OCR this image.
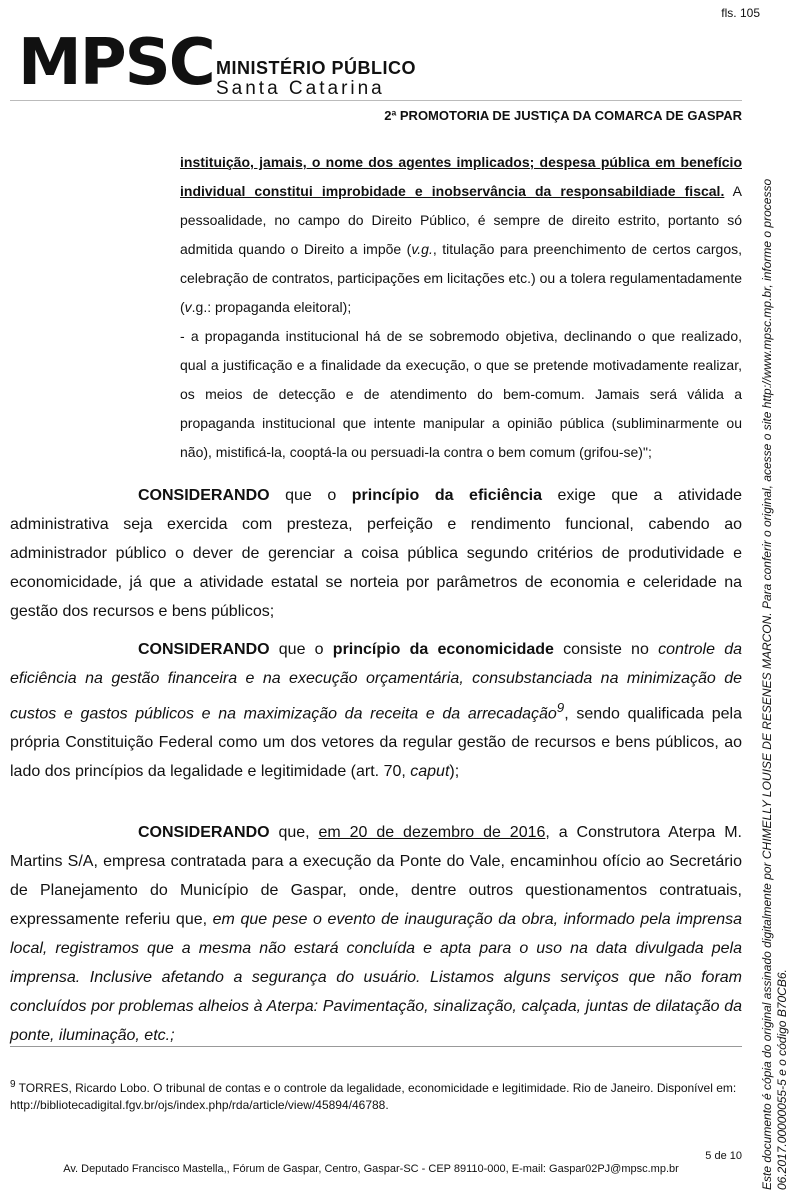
fls. 105
MPSC MINISTÉRIO PÚBLICO
Santa Catarina
2ª PROMOTORIA DE JUSTIÇA DA COMARCA DE GASPAR

instituição, jamais, o nome dos agentes implicados; despesa pública em benefício individual constitui improbidade e inobservância da responsabildiade fiscal. A pessoalidade, no campo do Direito Público, é sempre de direito estrito, portanto só admitida quando o Direito a impõe (v.g., titulação para preenchimento de certos cargos, celebração de contratos, participações em licitações etc.) ou a tolera regulamentadamente (v.g.: propaganda eleitoral);

- a propaganda institucional há de se sobremodo objetiva, declinando o que realizado, qual a justificação e a finalidade da execução, o que se pretende motivadamente realizar, os meios de detecção e de atendimento do bem-comum. Jamais será válida a propaganda institucional que intente manipular a opinião pública (subliminarmente ou não), mistificá-la, cooptá-la ou persuadi-la contra o bem comum (grifou-se)";

CONSIDERANDO que o princípio da eficiência exige que a atividade administrativa seja exercida com presteza, perfeição e rendimento funcional, cabendo ao administrador público o dever de gerenciar a coisa pública segundo critérios de produtividade e economicidade, já que a atividade estatal se norteia por parâmetros de economia e celeridade na gestão dos recursos e bens públicos;

CONSIDERANDO que o princípio da economicidade consiste no controle da eficiência na gestão financeira e na execução orçamentária, consubstanciada na minimização de custos e gastos públicos e na maximização da receita e da arrecadação$^9$, sendo qualificada pela própria Constituição Federal como um dos vetores da regular gestão de recursos e bens públicos, ao lado dos princípios da legalidade e legitimidade (art. 70, caput);

CONSIDERANDO que, em 20 de dezembro de 2016, a Construtora Aterpa M. Martins S/A, empresa contratada para a execução da Ponte do Vale, encaminhou ofício ao Secretário de Planejamento do Município de Gaspar, onde, dentre outros questionamentos contratuais, expressamente referiu que, em que pese o evento de inauguração da obra, informado pela imprensa local, registramos que a mesma não estará concluída e apta para o uso na data divulgada pela imprensa. Inclusive afetando a segurança do usuário. Listamos alguns serviços que não foram concluídos por problemas alheios à Aterpa: Pavimentação, sinalização, calçada, juntas de dilatação da ponte, iluminação, etc.;

$^9$ TORRES, Ricardo Lobo. O tribunal de contas e o controle da legalidade, economicidade e legitimidade. Rio de Janeiro. Disponível em: http://bibliotecadigital.fgv.br/ojs/index.php/rda/article/view/45894/46788.
5 de 10
Av. Deputado Francisco Mastella,, Fórum de Gaspar, Centro, Gaspar-SC - CEP 89110-000, E-mail: Gaspar02PJ@mpsc.mp.br	Este documento é cópia do original assinado digitalmente por CHIMELLY LOUISE DE RESENES MARCON. Para conferir o original, acesse o site http://www.mpsc.mp.br, informe o processo 06.2017.00000055-5 e o código B70CB6.
